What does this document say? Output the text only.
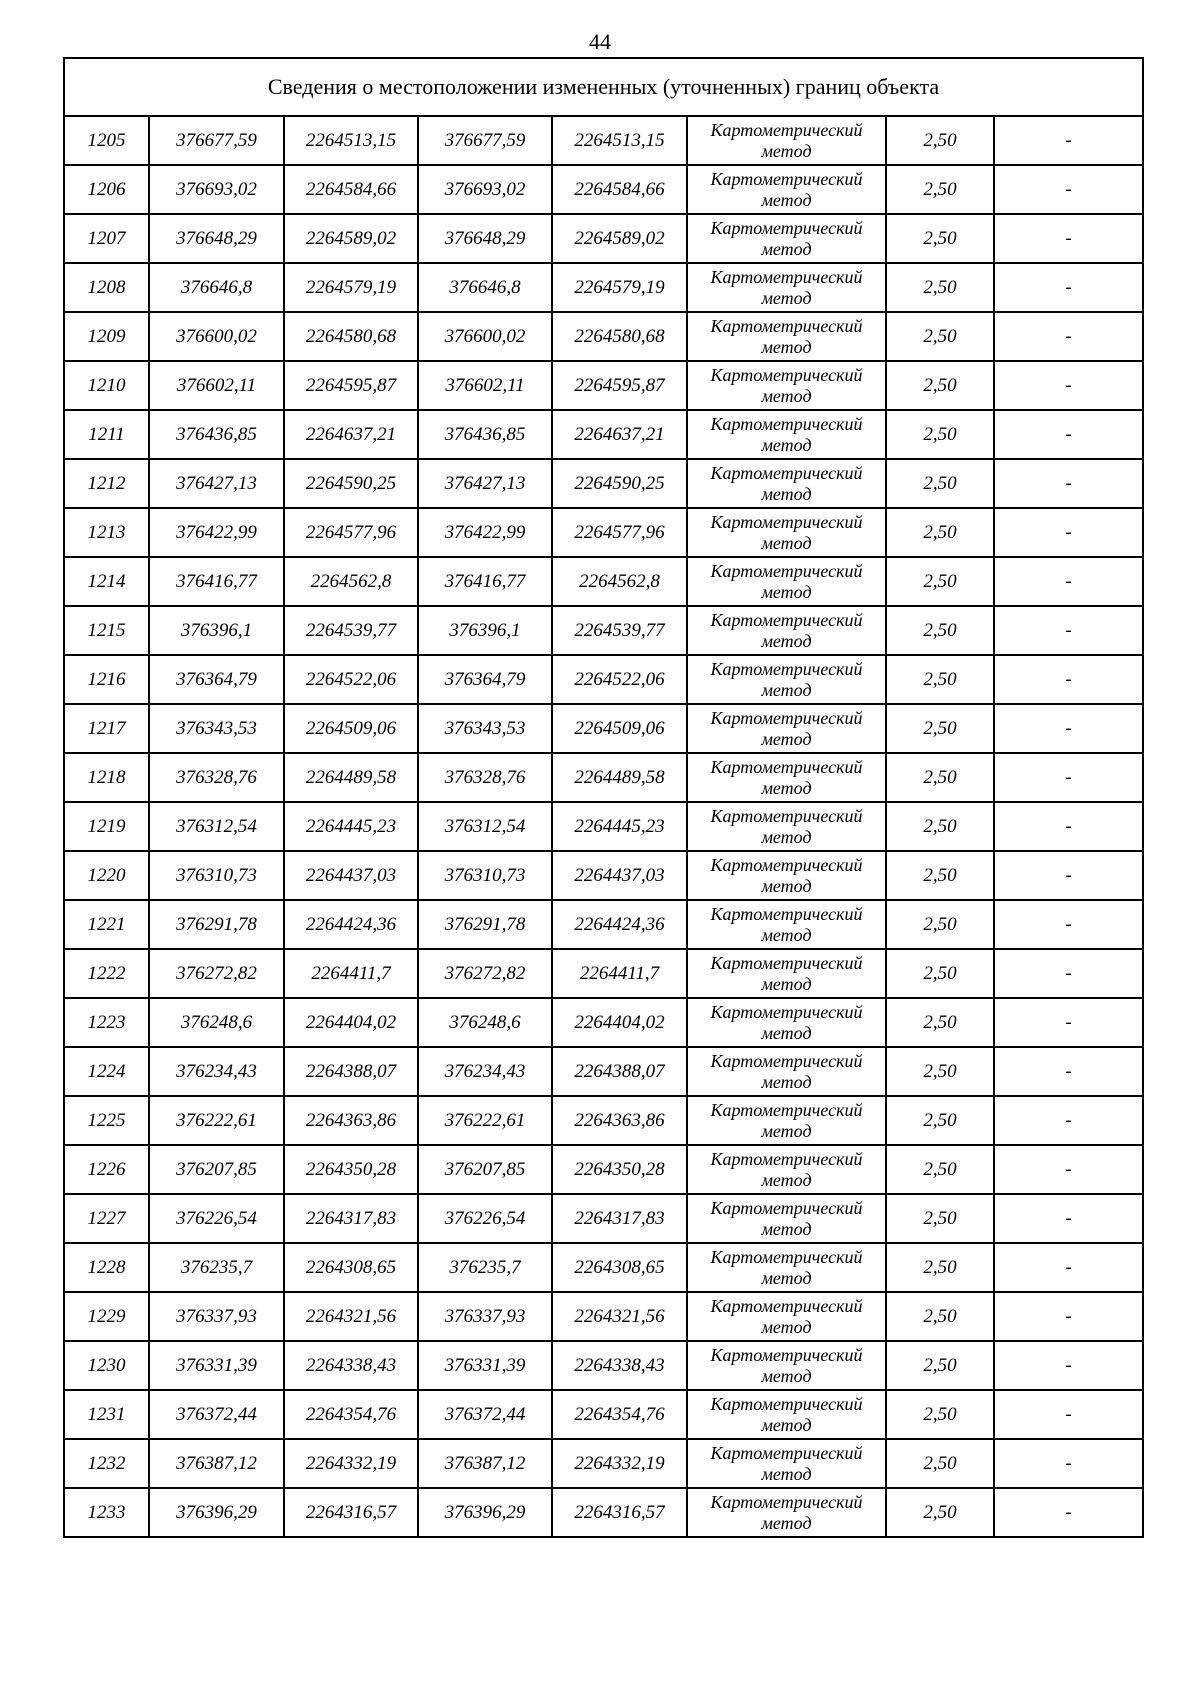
44
Сведения о местоположении измененных (уточненных) границ объекта							
1205	376677,59	2264513,15	376677,59	2264513,15	Картометрический метод	2,50	-
1206	376693,02	2264584,66	376693,02	2264584,66	Картометрический метод	2,50	-
1207	376648,29	2264589,02	376648,29	2264589,02	Картометрический метод	2,50	-
1208	376646,8	2264579,19	376646,8	2264579,19	Картометрический метод	2,50	-
1209	376600,02	2264580,68	376600,02	2264580,68	Картометрический метод	2,50	-
1210	376602,11	2264595,87	376602,11	2264595,87	Картометрический метод	2,50	-
1211	376436,85	2264637,21	376436,85	2264637,21	Картометрический метод	2,50	-
1212	376427,13	2264590,25	376427,13	2264590,25	Картометрический метод	2,50	-
1213	376422,99	2264577,96	376422,99	2264577,96	Картометрический метод	2,50	-
1214	376416,77	2264562,8	376416,77	2264562,8	Картометрический метод	2,50	-
1215	376396,1	2264539,77	376396,1	2264539,77	Картометрический метод	2,50	-
1216	376364,79	2264522,06	376364,79	2264522,06	Картометрический метод	2,50	-
1217	376343,53	2264509,06	376343,53	2264509,06	Картометрический метод	2,50	-
1218	376328,76	2264489,58	376328,76	2264489,58	Картометрический метод	2,50	-
1219	376312,54	2264445,23	376312,54	2264445,23	Картометрический метод	2,50	-
1220	376310,73	2264437,03	376310,73	2264437,03	Картометрический метод	2,50	-
1221	376291,78	2264424,36	376291,78	2264424,36	Картометрический метод	2,50	-
1222	376272,82	2264411,7	376272,82	2264411,7	Картометрический метод	2,50	-
1223	376248,6	2264404,02	376248,6	2264404,02	Картометрический метод	2,50	-
1224	376234,43	2264388,07	376234,43	2264388,07	Картометрический метод	2,50	-
1225	376222,61	2264363,86	376222,61	2264363,86	Картометрический метод	2,50	-
1226	376207,85	2264350,28	376207,85	2264350,28	Картометрический метод	2,50	-
1227	376226,54	2264317,83	376226,54	2264317,83	Картометрический метод	2,50	-
1228	376235,7	2264308,65	376235,7	2264308,65	Картометрический метод	2,50	-
1229	376337,93	2264321,56	376337,93	2264321,56	Картометрический метод	2,50	-
1230	376331,39	2264338,43	376331,39	2264338,43	Картометрический метод	2,50	-
1231	376372,44	2264354,76	376372,44	2264354,76	Картометрический метод	2,50	-
1232	376387,12	2264332,19	376387,12	2264332,19	Картометрический метод	2,50	-
1233	376396,29	2264316,57	376396,29	2264316,57	Картометрический метод	2,50	-
